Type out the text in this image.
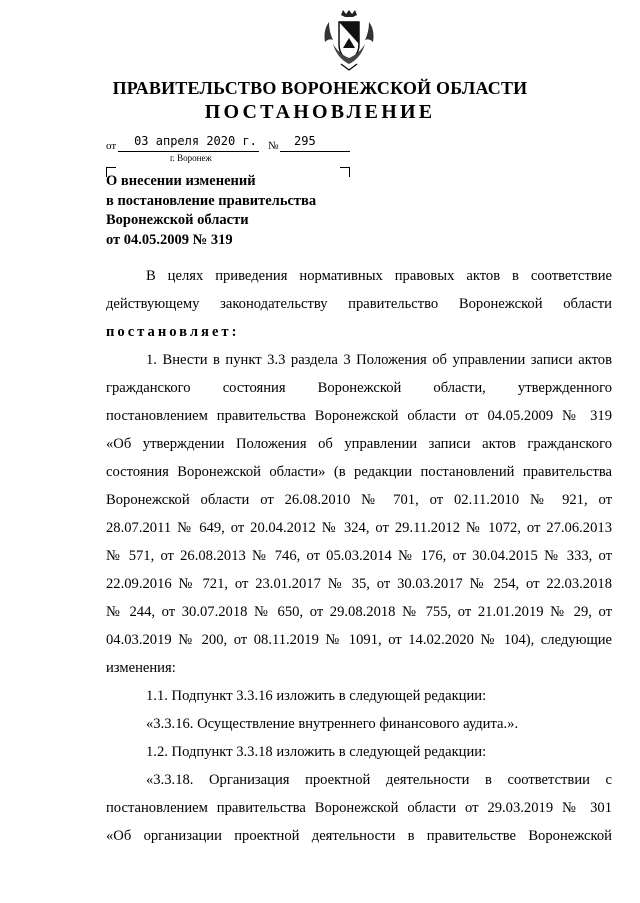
ПРАВИТЕЛЬСТВО ВОРОНЕЖСКОЙ ОБЛАСТИ
ПОСТАНОВЛЕНИЕ
от	03 апреля 2020 г.	№	295
г. Воронеж
О внесении изменений
в постановление правительства
Воронежской области
от 04.05.2009 № 319
В целях приведения нормативных правовых актов в соответствие
действующему законодательству правительство Воронежской области
постановляет:
1. Внести в пункт 3.3 раздела 3 Положения об управлении записи актов
гражданского состояния Воронежской области, утвержденного
постановлением правительства Воронежской области от 04.05.2009 № 319
«Об утверждении Положения об управлении записи актов гражданского
состояния Воронежской области» (в редакции постановлений правительства
Воронежской области от 26.08.2010 № 701, от 02.11.2010 № 921, от
28.07.2011 № 649, от 20.04.2012 № 324, от 29.11.2012 № 1072, от 27.06.2013
№ 571, от 26.08.2013 № 746, от 05.03.2014 № 176, от 30.04.2015 № 333, от
22.09.2016 № 721, от 23.01.2017 № 35, от 30.03.2017 № 254, от 22.03.2018
№ 244, от 30.07.2018 № 650, от 29.08.2018 № 755, от 21.01.2019 № 29, от
04.03.2019 № 200, от 08.11.2019 № 1091, от 14.02.2020 № 104), следующие
изменения:
1.1. Подпункт 3.3.16 изложить в следующей редакции:
«3.3.16. Осуществление внутреннего финансового аудита.».
1.2. Подпункт 3.3.18 изложить в следующей редакции:
«3.3.18. Организация проектной деятельности в соответствии с
постановлением правительства Воронежской области от 29.03.2019 № 301
«Об организации проектной деятельности в правительстве Воронежской
